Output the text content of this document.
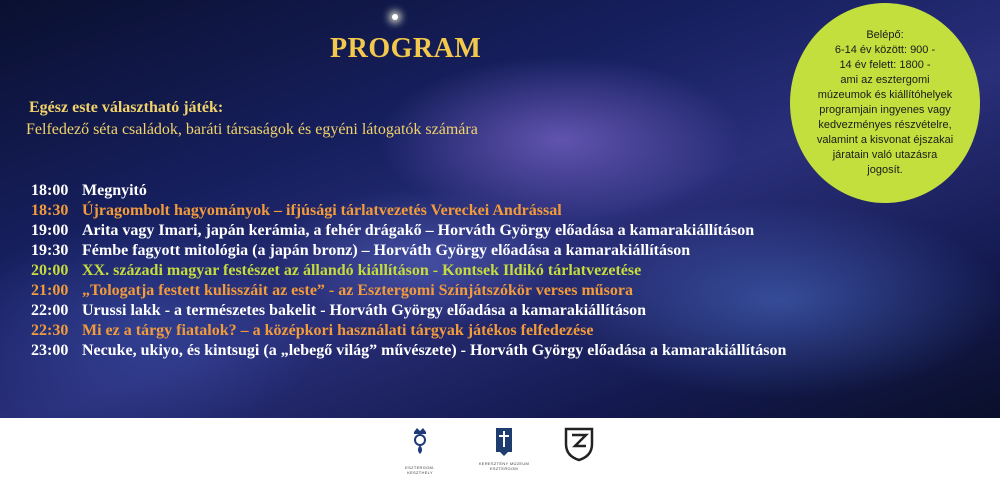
PROGRAM
Egész este választható játék:
Felfedező séta családok, baráti társaságok és egyéni látogatók számára
18:00 Megnyitó
18:30 Újragombolt hagyományok – ifjúsági tárlatvezetés Vereckei Andrással
19:00 Arita vagy Imari, japán kerámia, a fehér drágakő – Horváth György előadása a kamarakiállításon
19:30 Fémbe fagyott mitológia (a japán bronz) – Horváth György előadása a kamarakiállításon
20:00 XX. századi magyar festészet az állandó kiállításon - Kontsek Ildikó tárlatvezetése
21:00 „Tologatja festett kulisszáit az este” - az Esztergomi Színjátszókör verses műsora
22:00 Urussi lakk - a természetes bakelit - Horváth György előadása a kamarakiállításon
22:30 Mi ez a tárgy fiatalok? – a középkori használati tárgyak játékos felfedezése
23:00 Necuke, ukiyo, és kintsugi (a „lebegő világ” művészete) - Horváth György előadása a kamarakiállításon
Belépő:
6-14 év között: 900 -
14 év felett: 1800 -
ami az esztergomi
múzeumok és kiállítóhelyek
programjain ingyenes vagy
kedvezményes részvételre,
valamint a kisvonat éjszakai
járatain való utazásra
jogosít.
ESZTERGOM-KESZTHELY
KERESZTÉNY MÚZEUM
ESZTERGOM
